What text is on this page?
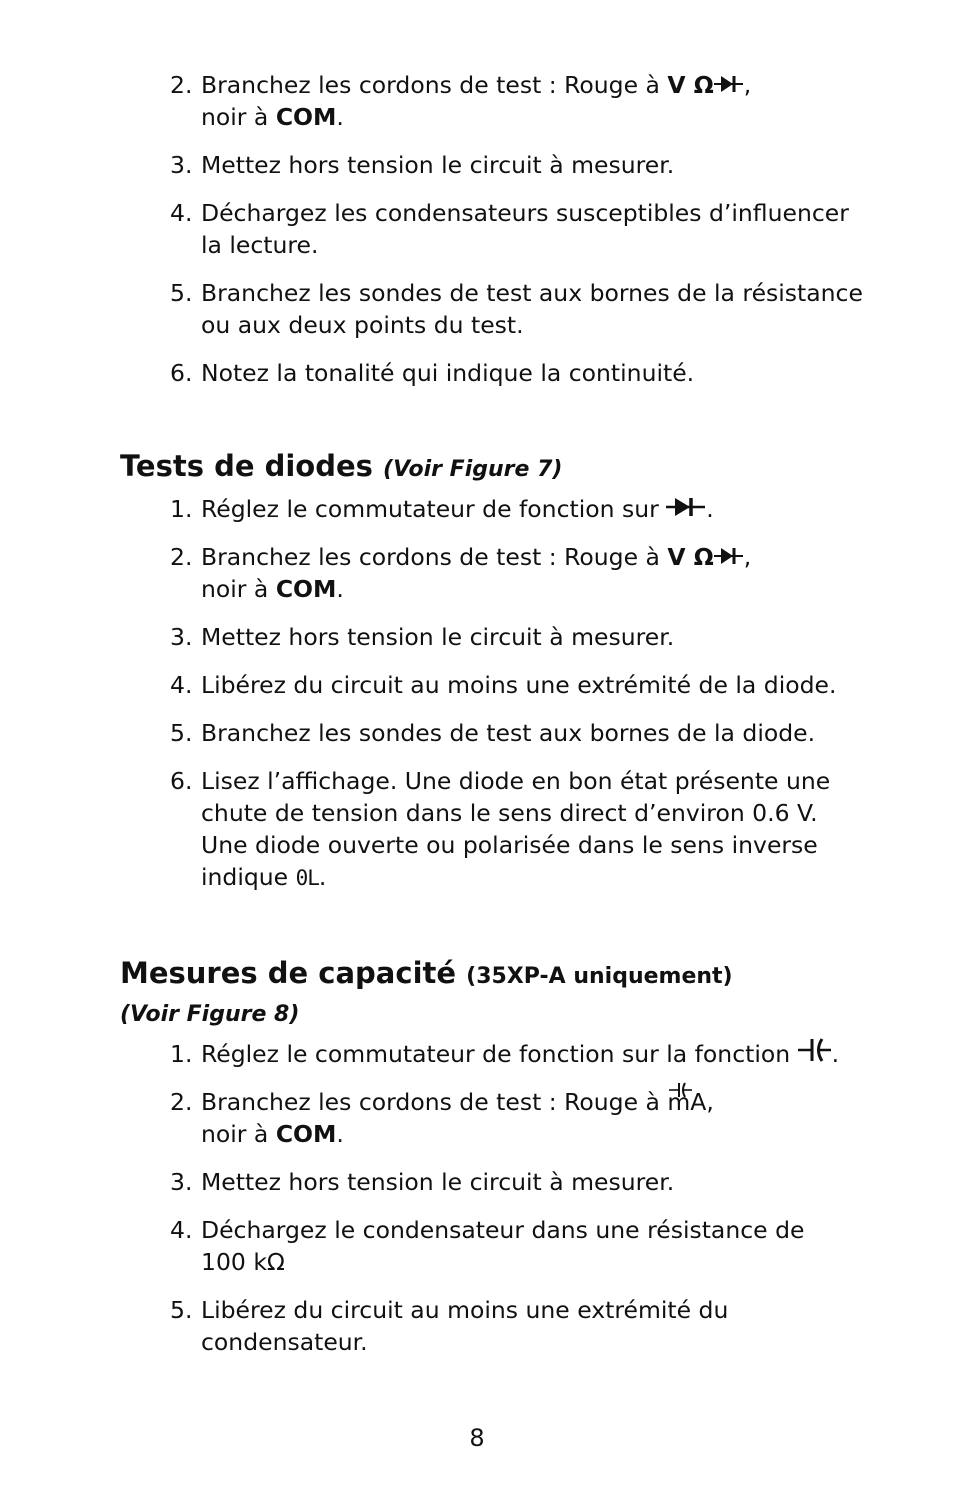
2. Branchez les cordons de test : Rouge à V Ω ,
noir à COM.
3. Mettez hors tension le circuit à mesurer.
4. Déchargez les condensateurs susceptibles d’influencer
la lecture.
5. Branchez les sondes de test aux bornes de la résistance
ou aux deux points du test.
6. Notez la tonalité qui indique la continuité.
Tests de diodes (Voir Figure 7)
1. Réglez le commutateur de fonction sur .
2. Branchez les cordons de test : Rouge à V Ω ,
noir à COM.
3. Mettez hors tension le circuit à mesurer.
4. Libérez du circuit au moins une extrémité de la diode.
5. Branchez les sondes de test aux bornes de la diode.
6. Lisez l’affichage. Une diode en bon état présente une
chute de tension dans le sens direct d’environ 0.6 V.
Une diode ouverte ou polarisée dans le sens inverse
indique 0L.
Mesures de capacité (35XP-A uniquement)

(Voir Figure 8)

1. Réglez le commutateur de fonction sur la fonction .
2. Branchez les cordons de test : Rouge à
mA,
noir à COM.
3. Mettez hors tension le circuit à mesurer.
4. Déchargez le condensateur dans une résistance de
100 kΩ
5. Libérez du circuit au moins une extrémité du
condensateur.
8
